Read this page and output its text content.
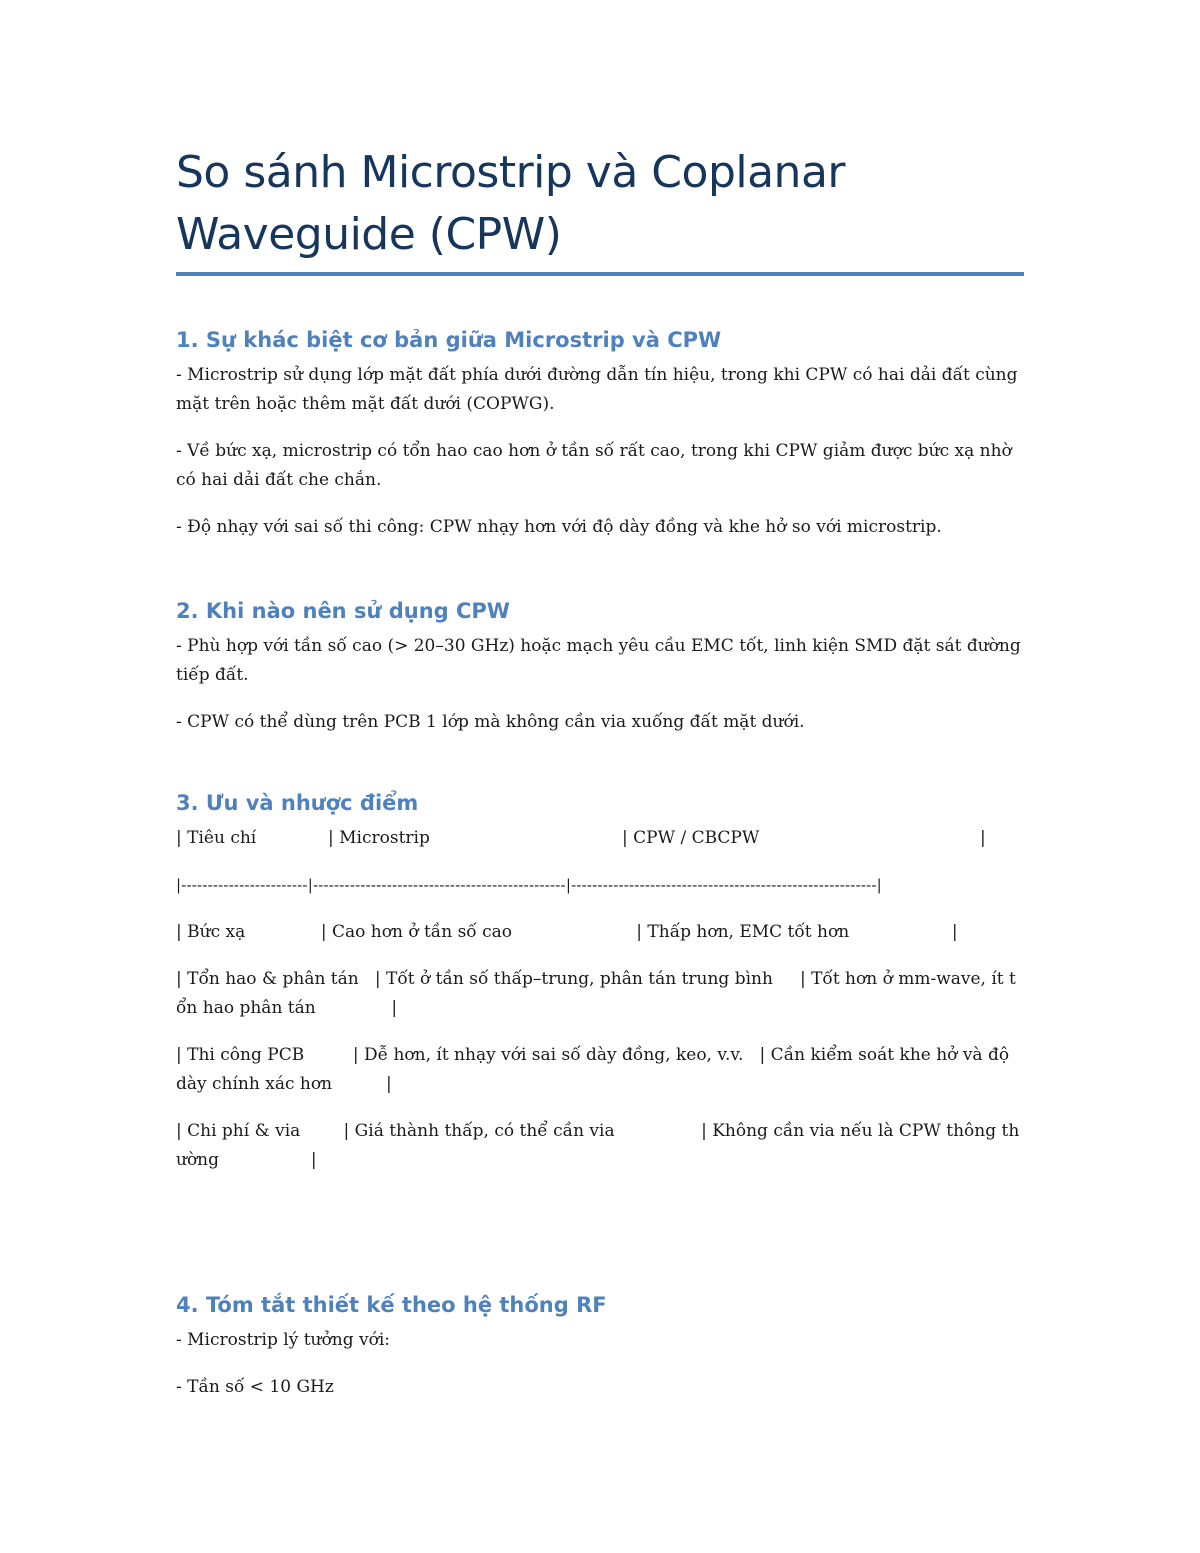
So sánh Microstrip và Coplanar Waveguide (CPW)
1. Sự khác biệt cơ bản giữa Microstrip và CPW

- Microstrip sử dụng lớp mặt đất phía dưới đường dẫn tín hiệu, trong khi CPW có hai dải đất cùng mặt trên hoặc thêm mặt đất dưới (COPWG).

- Về bức xạ, microstrip có tổn hao cao hơn ở tần số rất cao, trong khi CPW giảm được bức xạ nhờ có hai dải đất che chắn.

- Độ nhạy với sai số thi công: CPW nhạy hơn với độ dày đồng và khe hở so với microstrip.

2. Khi nào nên sử dụng CPW

- Phù hợp với tần số cao (> 20–30 GHz) hoặc mạch yêu cầu EMC tốt, linh kiện SMD đặt sát đường tiếp đất.

- CPW có thể dùng trên PCB 1 lớp mà không cần via xuống đất mặt dưới.

3. Ưu và nhược điểm
| Tiêu chí	| Microstrip	| CPW / CBCPW	|

|------------------------|------------------------------------------------|----------------------------------------------------------|

| Bức xạ              | Cao hơn ở tần số cao                       | Thấp hơn, EMC tốt hơn                   |

| Tổn hao & phân tán   | Tốt ở tần số thấp–trung, phân tán trung bình     | Tốt hơn ở mm-wave, ít tổn hao phân tán              |

| Thi công PCB         | Dễ hơn, ít nhạy với sai số dày đồng, keo, v.v.   | Cần kiểm soát khe hở và độ dày chính xác hơn          |

| Chi phí & via        | Giá thành thấp, có thể cần via                | Không cần via nếu là CPW thông thường                 |

4. Tóm tắt thiết kế theo hệ thống RF

- Microstrip lý tưởng với:

- Tần số < 10 GHz
